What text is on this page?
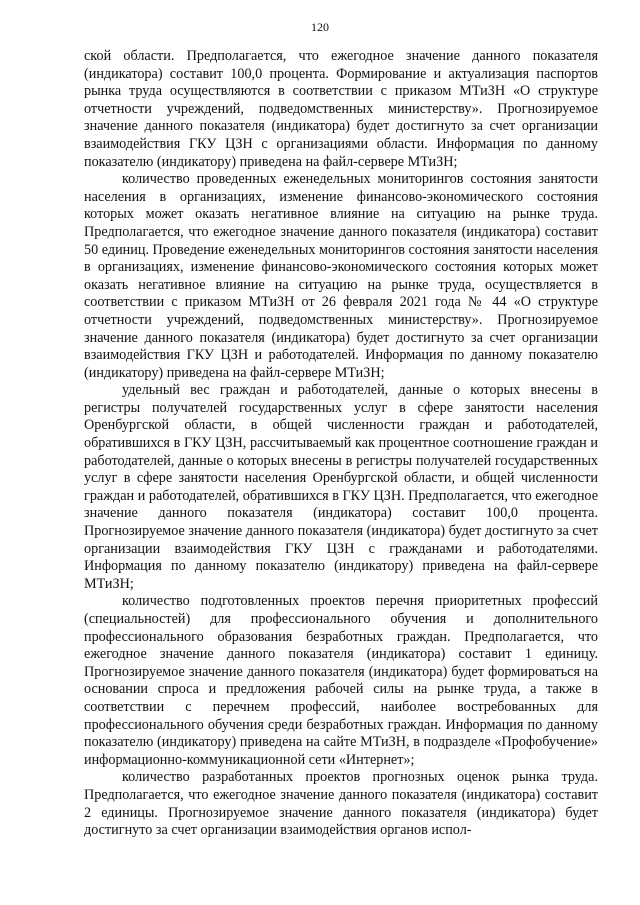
120

ской области. Предполагается, что ежегодное значение данного показателя (индикатора) составит 100,0 процента. Формирование и актуализация паспортов рынка труда осуществляются в соответствии с приказом МТиЗН «О структуре отчетности учреждений, подведомственных министерству». Прогнозируемое значение данного показателя (индикатора) будет достигнуто за счет организации взаимодействия ГКУ ЦЗН с организациями области. Информация по данному показателю (индикатору) приведена на файл-сервере МТиЗН;

количество проведенных еженедельных мониторингов состояния занятости населения в организациях, изменение финансово-экономического состояния которых может оказать негативное влияние на ситуацию на рынке труда. Предполагается, что ежегодное значение данного показателя (индикатора) составит 50 единиц. Проведение еженедельных мониторингов состояния занятости населения в организациях, изменение финансово-экономического состояния которых может оказать негативное влияние на ситуацию на рынке труда, осуществляется в соответствии с приказом МТиЗН от 26 февраля 2021 года № 44 «О структуре отчетности учреждений, подведомственных министерству». Прогнозируемое значение данного показателя (индикатора) будет достигнуто за счет организации взаимодействия ГКУ ЦЗН и работодателей. Информация по данному показателю (индикатору) приведена на файл-сервере МТиЗН;

удельный вес граждан и работодателей, данные о которых внесены в регистры получателей государственных услуг в сфере занятости населения Оренбургской области, в общей численности граждан и работодателей, обратившихся в ГКУ ЦЗН, рассчитываемый как процентное соотношение граждан и работодателей, данные о которых внесены в регистры получателей государственных услуг в сфере занятости населения Оренбургской области, и общей численности граждан и работодателей, обратившихся в ГКУ ЦЗН. Предполагается, что ежегодное значение данного показателя (индикатора) составит 100,0 процента. Прогнозируемое значение данного показателя (индикатора) будет достигнуто за счет организации взаимодействия ГКУ ЦЗН с гражданами и работодателями. Информация по данному показателю (индикатору) приведена на файл-сервере МТиЗН;

количество подготовленных проектов перечня приоритетных профессий (специальностей) для профессионального обучения и дополнительного профессионального образования безработных граждан. Предполагается, что ежегодное значение данного показателя (индикатора) составит 1 единицу. Прогнозируемое значение данного показателя (индикатора) будет формироваться на основании спроса и предложения рабочей силы на рынке труда, а также в соответствии с перечнем профессий, наиболее востребованных для профессионального обучения среди безработных граждан. Информация по данному показателю (индикатору) приведена на сайте МТиЗН, в подразделе «Профобучение» информационно-коммуникационной сети «Интернет»;

количество разработанных проектов прогнозных оценок рынка труда. Предполагается, что ежегодное значение данного показателя (индикатора) составит 2 единицы. Прогнозируемое значение данного показателя (индикатора) будет достигнуто за счет организации взаимодействия органов испол-
